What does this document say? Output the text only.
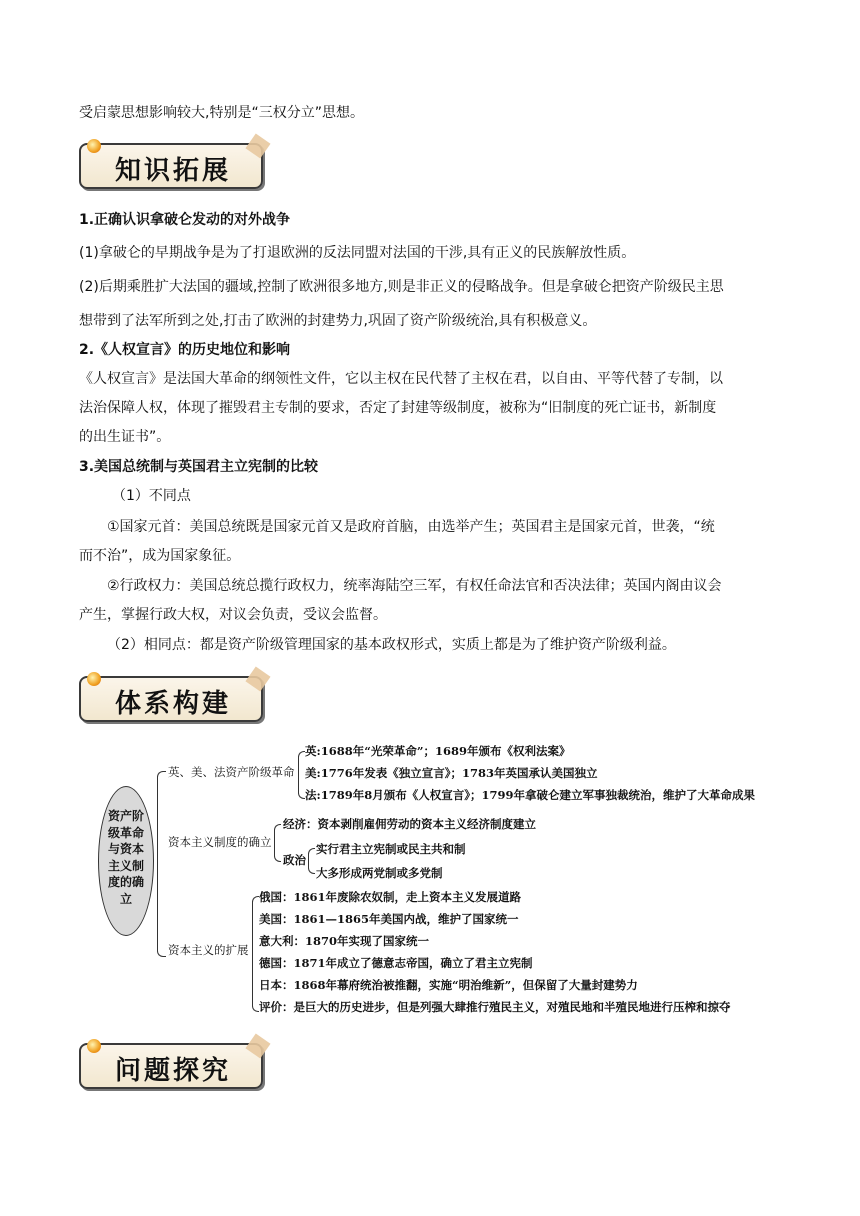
受启蒙思想影响较大,特别是“三权分立”思想。
知识拓展
1.正确认识拿破仑发动的对外战争
(1)拿破仑的早期战争是为了打退欧洲的反法同盟对法国的干涉,具有正义的民族解放性质。
(2)后期乘胜扩大法国的疆域,控制了欧洲很多地方,则是非正义的侵略战争。但是拿破仑把资产阶级民主思
想带到了法军所到之处,打击了欧洲的封建势力,巩固了资产阶级统治,具有积极意义。
2.《人权宣言》的历史地位和影响
《人权宣言》是法国大革命的纲领性文件，它以主权在民代替了主权在君，以自由、平等代替了专制，以
法治保障人权，体现了摧毁君主专制的要求，否定了封建等级制度，被称为“旧制度的死亡证书，新制度
的出生证书”。
3.美国总统制与英国君主立宪制的比较
（1）不同点
①国家元首：美国总统既是国家元首又是政府首脑，由选举产生；英国君主是国家元首，世袭，“统
而不治”，成为国家象征。
②行政权力：美国总统总揽行政权力，统率海陆空三军，有权任命法官和否决法律；英国内阁由议会
产生，掌握行政大权，对议会负责，受议会监督。
（2）相同点：都是资产阶级管理国家的基本政权形式，实质上都是为了维护资产阶级利益。
体系构建
资产阶
级革命
与资本
主义制
度的确
立
英、美、法资产阶级革命
英:1688年“光荣革命”；1689年颁布《权利法案》
美:1776年发表《独立宣言》；1783年英国承认美国独立
法:1789年8月颁布《人权宣言》；1799年拿破仑建立军事独裁统治，维护了大革命成果
资本主义制度的确立
经济：资本剥削雇佣劳动的资本主义经济制度建立
政治
实行君主立宪制或民主共和制
大多形成两党制或多党制
资本主义的扩展
俄国：1861年废除农奴制，走上资本主义发展道路
美国：1861—1865年美国内战，维护了国家统一
意大利：1870年实现了国家统一
德国：1871年成立了德意志帝国，确立了君主立宪制
日本：1868年幕府统治被推翻，实施“明治维新”，但保留了大量封建势力
评价：是巨大的历史进步，但是列强大肆推行殖民主义，对殖民地和半殖民地进行压榨和掠夺
问题探究
